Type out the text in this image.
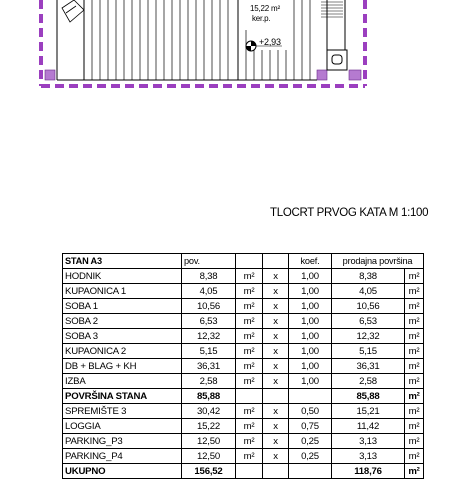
15,22 m²
ker.p.
+2,93
TLOCRT PRVOG KATA M 1:100
STAN A3	pov.			koef.	prodajna površina	
HODNIK	8,38	m²	x	1,00	8,38	m²
KUPAONICA 1	4,05	m²	x	1,00	4,05	m²
SOBA 1	10,56	m²	x	1,00	10,56	m²
SOBA 2	6,53	m²	x	1,00	6,53	m²
SOBA 3	12,32	m²	x	1,00	12,32	m²
KUPAONICA 2	5,15	m²	x	1,00	5,15	m²
DB + BLAG + KH	36,31	m²	x	1,00	36,31	m²
IZBA	2,58	m²	x	1,00	2,58	m²
POVRŠINA STANA	85,88				85,88	m²
SPREMIŠTE 3	30,42	m²	x	0,50	15,21	m²
LOGGIA	15,22	m²	x	0,75	11,42	m²
PARKING_P3	12,50	m²	x	0,25	3,13	m²
PARKING_P4	12,50	m²	x	0,25	3,13	m²
UKUPNO	156,52				118,76	m²
